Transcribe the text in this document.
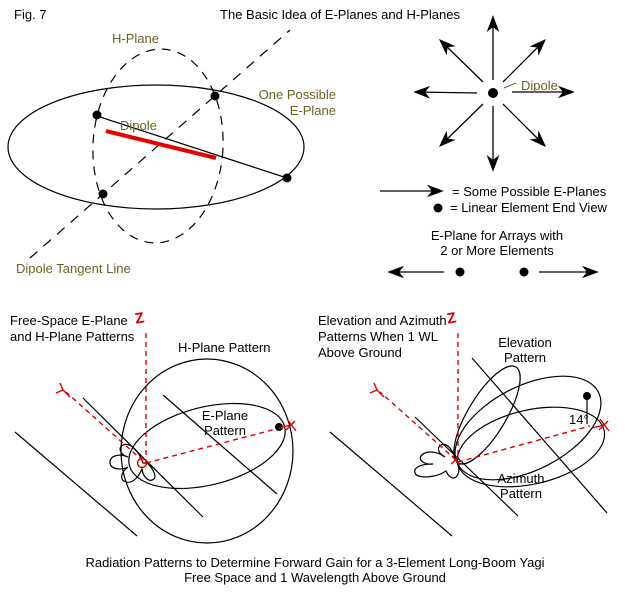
Fig. 7	The Basic Idea of E-Planes and H-Planes
H-Plane
One Possible
E-Plane
Dipole
Dipole Tangent Line
Dipole
= Some Possible E-Planes
= Linear Element End View
E-Plane for Arrays with
2 or More Elements
Free-Space E-Plane
and H-Plane Patterns
H-Plane Pattern
E-Plane
Pattern
Z	Elevation and Azimuth
Patterns When 1 WL
Above Ground
Elevation
Pattern
Azimuth
Pattern
14°
Z
Radiation Patterns to Determine Forward Gain for a 3-Element Long-Boom Yagi
Free Space and 1 Wavelength Above Ground
